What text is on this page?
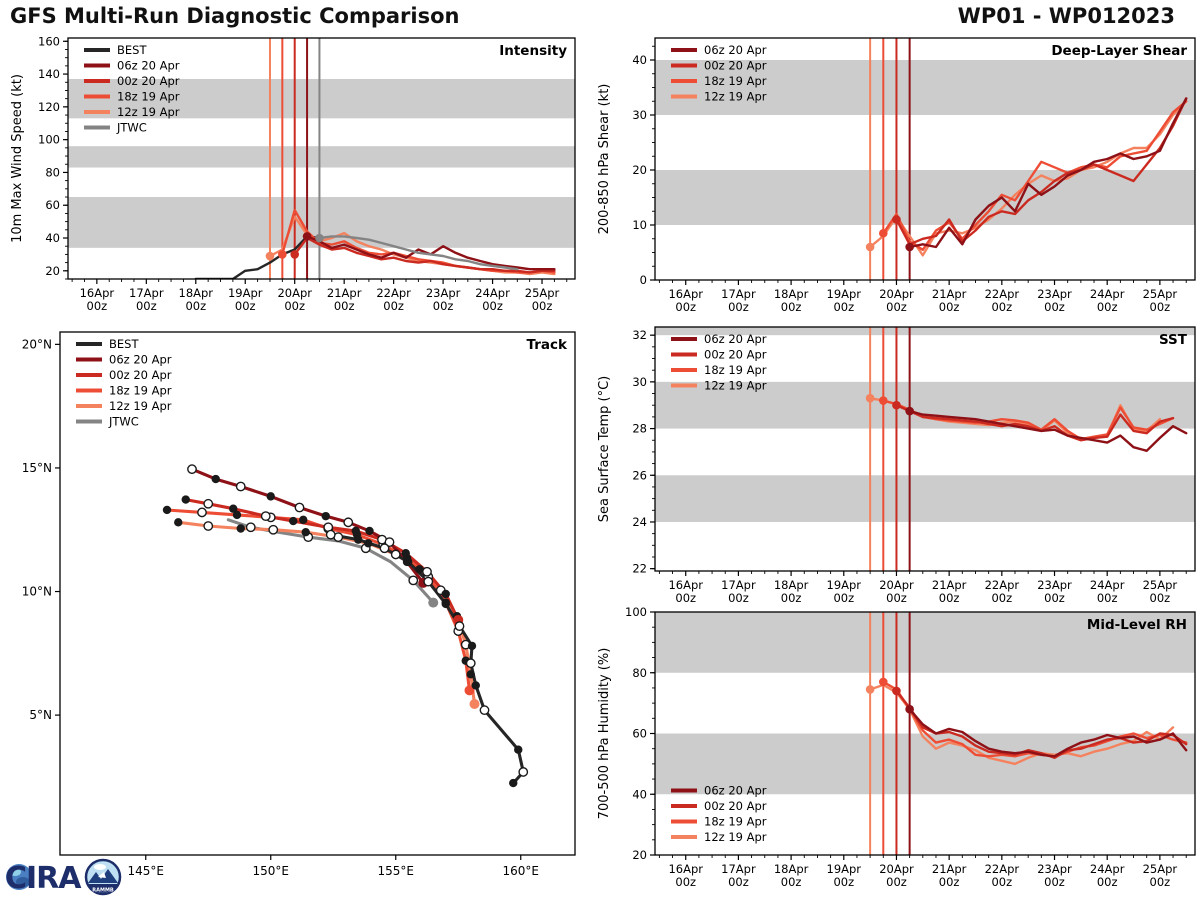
GFS Multi-Run Diagnostic Comparison	WP01 - WP012023
16Apr
00z
17Apr
00z
18Apr
00z
19Apr
00z
20Apr
00z
21Apr
00z
22Apr
00z
23Apr
00z
24Apr
00z
25Apr
00z
20
40
60
80
100
120
140
160
10m Max Wind Speed (kt)
Intensity
BEST
06z 20 Apr
00z 20 Apr
18z 19 Apr
12z 19 Apr
JTWC
16Apr
00z
17Apr
00z
18Apr
00z
19Apr
00z
20Apr
00z
21Apr
00z
22Apr
00z
23Apr
00z
24Apr
00z
25Apr
00z
0
10
20
30
40
200-850 hPa Shear (kt)
Deep-Layer Shear
06z 20 Apr
00z 20 Apr
18z 19 Apr
12z 19 Apr
16Apr
00z
17Apr
00z
18Apr
00z
19Apr
00z
20Apr
00z
21Apr
00z
22Apr
00z
23Apr
00z
24Apr
00z
25Apr
00z
22
24
26
28
30
32
Sea Surface Temp (°C)
SST
06z 20 Apr
00z 20 Apr
18z 19 Apr
12z 19 Apr
16Apr
00z
17Apr
00z
18Apr
00z
19Apr
00z
20Apr
00z
21Apr
00z
22Apr
00z
23Apr
00z
24Apr
00z
25Apr
00z
20
40
60
80
100
700-500 hPa Humidity (%)
Mid-Level RH
06z 20 Apr
00z 20 Apr
18z 19 Apr
12z 19 Apr
145°E	150°E	155°E	160°E
5°N
10°N
15°N
20°N	Track
BEST
06z 20 Apr
00z 20 Apr
18z 19 Apr
12z 19 Apr
JTWC
CIRA	RAMMB
